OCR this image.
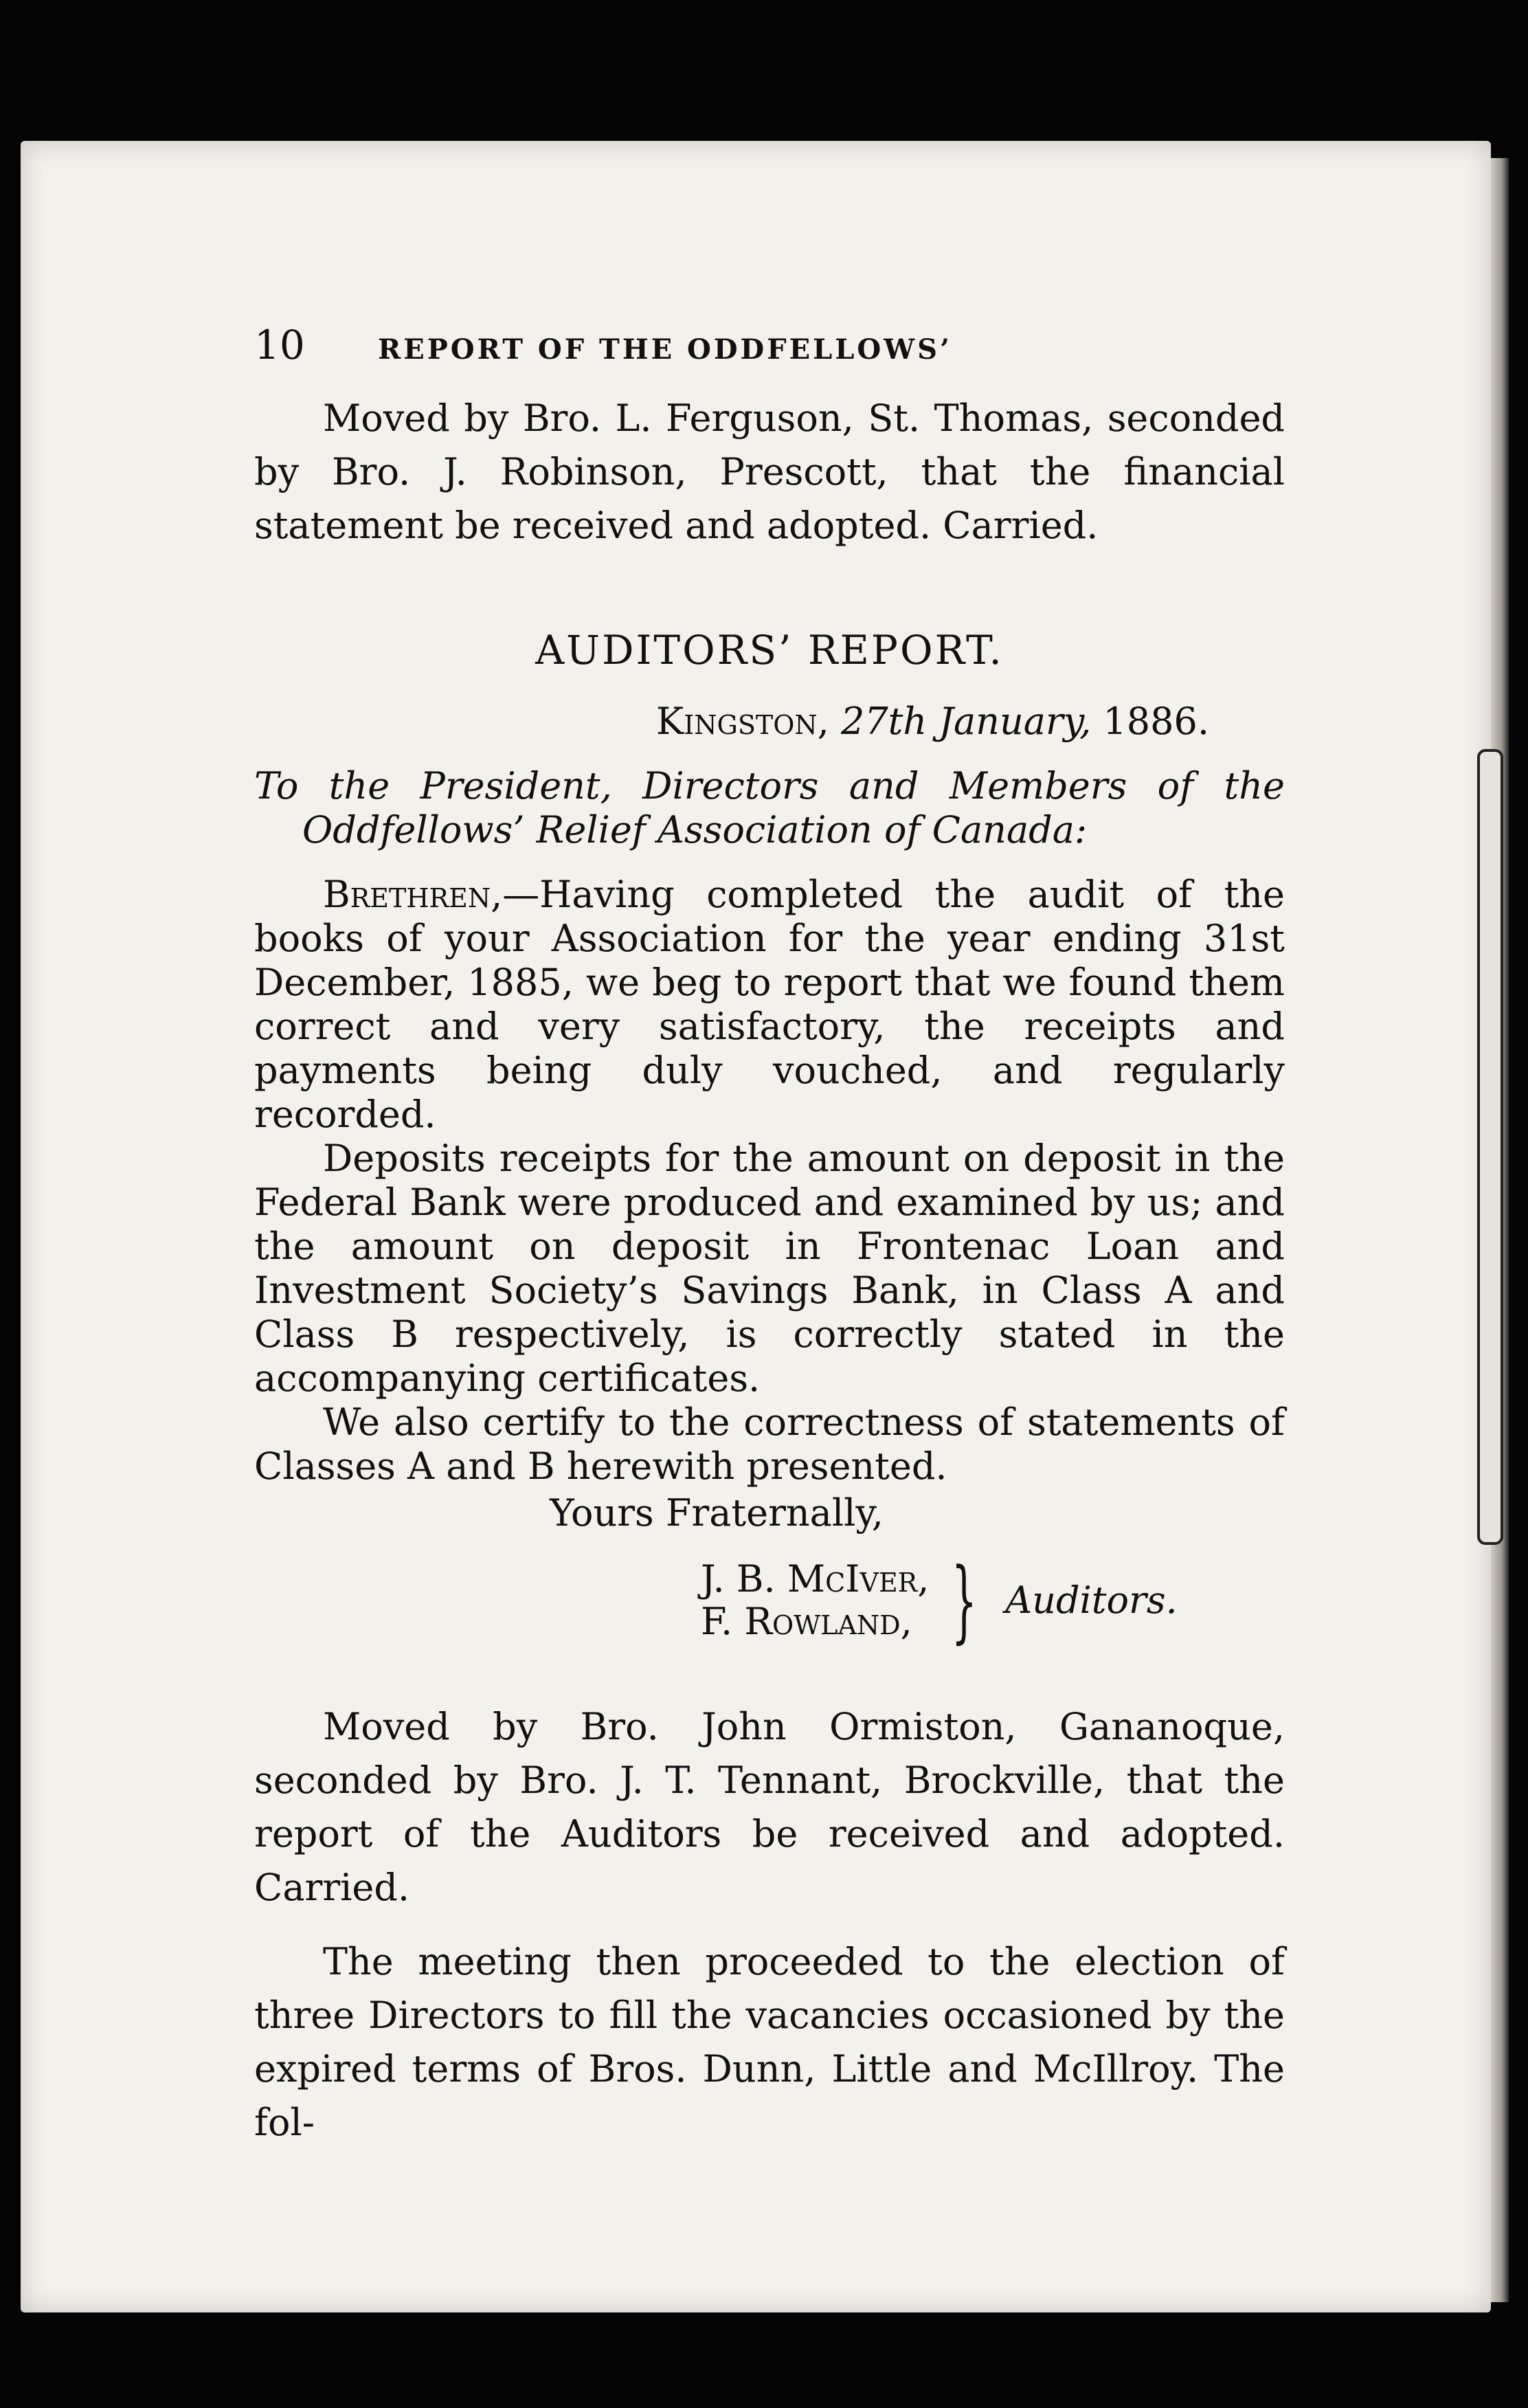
10	REPORT OF THE ODDFELLOWS’

Moved by Bro. L. Ferguson, St. Thomas, seconded by Bro. J. Robinson, Prescott, that the financial statement be received and adopted. Carried.

AUDITORS’ REPORT.
Kingston, 27th January, 1886.

To the President, Directors and Members of the Oddfellows’ Relief Association of Canada:

Brethren,—Having completed the audit of the books of your Association for the year ending 31st December, 1885, we beg to report that we found them correct and very satisfactory, the receipts and payments being duly vouched, and regularly recorded.

Deposits receipts for the amount on deposit in the Federal Bank were produced and examined by us; and the amount on deposit in Frontenac Loan and Investment Society’s Savings Bank, in Class A and Class B respectively, is correctly stated in the accompanying certificates.

We also certify to the correctness of statements of Classes A and B herewith presented.

Yours Fraternally,
J. B. McIver,
F. Rowland, } Auditors.

Moved by Bro. John Ormiston, Gananoque, seconded by Bro. J. T. Tennant, Brockville, that the report of the Auditors be received and adopted. Carried.

The meeting then proceeded to the election of three Directors to fill the vacancies occasioned by the expired terms of Bros. Dunn, Little and McIllroy. The fol-
